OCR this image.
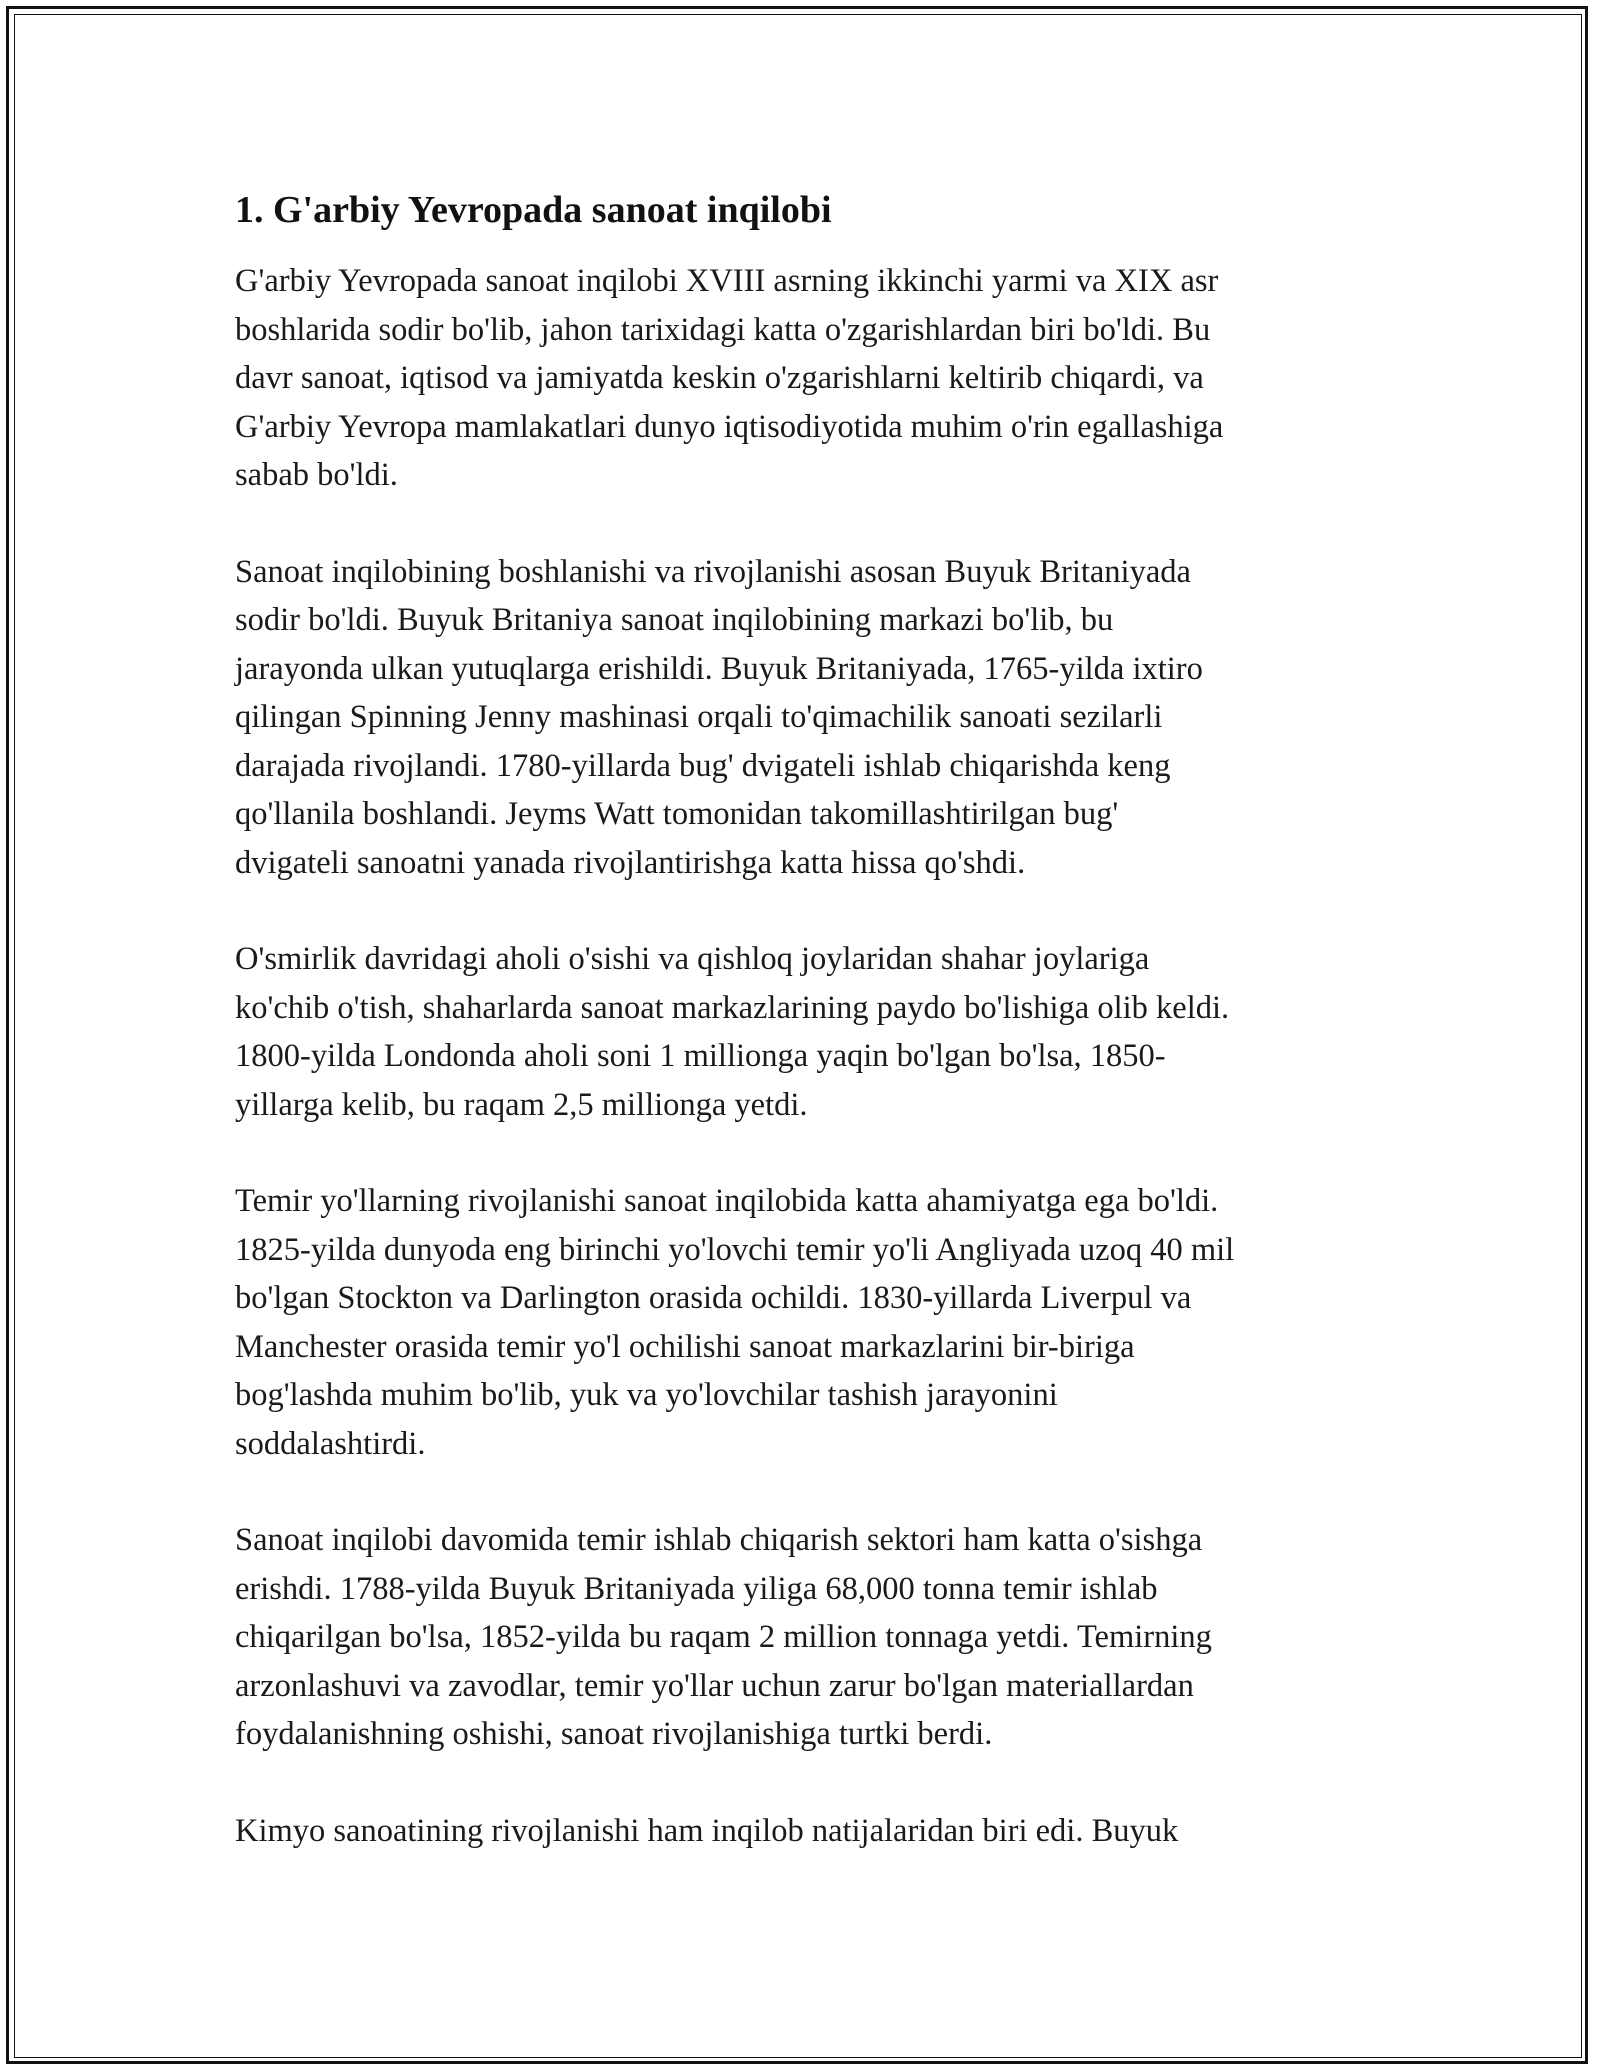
1. G'arbiy Yevropada sanoat inqilobi

G'arbiy Yevropada sanoat inqilobi XVIII asrning ikkinchi yarmi va XIX asr
boshlarida sodir bo'lib, jahon tarixidagi katta o'zgarishlardan biri bo'ldi. Bu
davr sanoat, iqtisod va jamiyatda keskin o'zgarishlarni keltirib chiqardi, va
G'arbiy Yevropa mamlakatlari dunyo iqtisodiyotida muhim o'rin egallashiga
sabab bo'ldi.

Sanoat inqilobining boshlanishi va rivojlanishi asosan Buyuk Britaniyada
sodir bo'ldi. Buyuk Britaniya sanoat inqilobining markazi bo'lib, bu
jarayonda ulkan yutuqlarga erishildi. Buyuk Britaniyada, 1765-yilda ixtiro
qilingan Spinning Jenny mashinasi orqali to'qimachilik sanoati sezilarli
darajada rivojlandi. 1780-yillarda bug' dvigateli ishlab chiqarishda keng
qo'llanila boshlandi. Jeyms Watt tomonidan takomillashtirilgan bug'
dvigateli sanoatni yanada rivojlantirishga katta hissa qo'shdi.

O'smirlik davridagi aholi o'sishi va qishloq joylaridan shahar joylariga
ko'chib o'tish, shaharlarda sanoat markazlarining paydo bo'lishiga olib keldi.
1800-yilda Londonda aholi soni 1 millionga yaqin bo'lgan bo'lsa, 1850-
yillarga kelib, bu raqam 2,5 millionga yetdi.

Temir yo'llarning rivojlanishi sanoat inqilobida katta ahamiyatga ega bo'ldi.
1825-yilda dunyoda eng birinchi yo'lovchi temir yo'li Angliyada uzoq 40 mil
bo'lgan Stockton va Darlington orasida ochildi. 1830-yillarda Liverpul va
Manchester orasida temir yo'l ochilishi sanoat markazlarini bir-biriga
bog'lashda muhim bo'lib, yuk va yo'lovchilar tashish jarayonini
soddalashtirdi.

Sanoat inqilobi davomida temir ishlab chiqarish sektori ham katta o'sishga
erishdi. 1788-yilda Buyuk Britaniyada yiliga 68,000 tonna temir ishlab
chiqarilgan bo'lsa, 1852-yilda bu raqam 2 million tonnaga yetdi. Temirning
arzonlashuvi va zavodlar, temir yo'llar uchun zarur bo'lgan materiallardan
foydalanishning oshishi, sanoat rivojlanishiga turtki berdi.

Kimyo sanoatining rivojlanishi ham inqilob natijalaridan biri edi. Buyuk
